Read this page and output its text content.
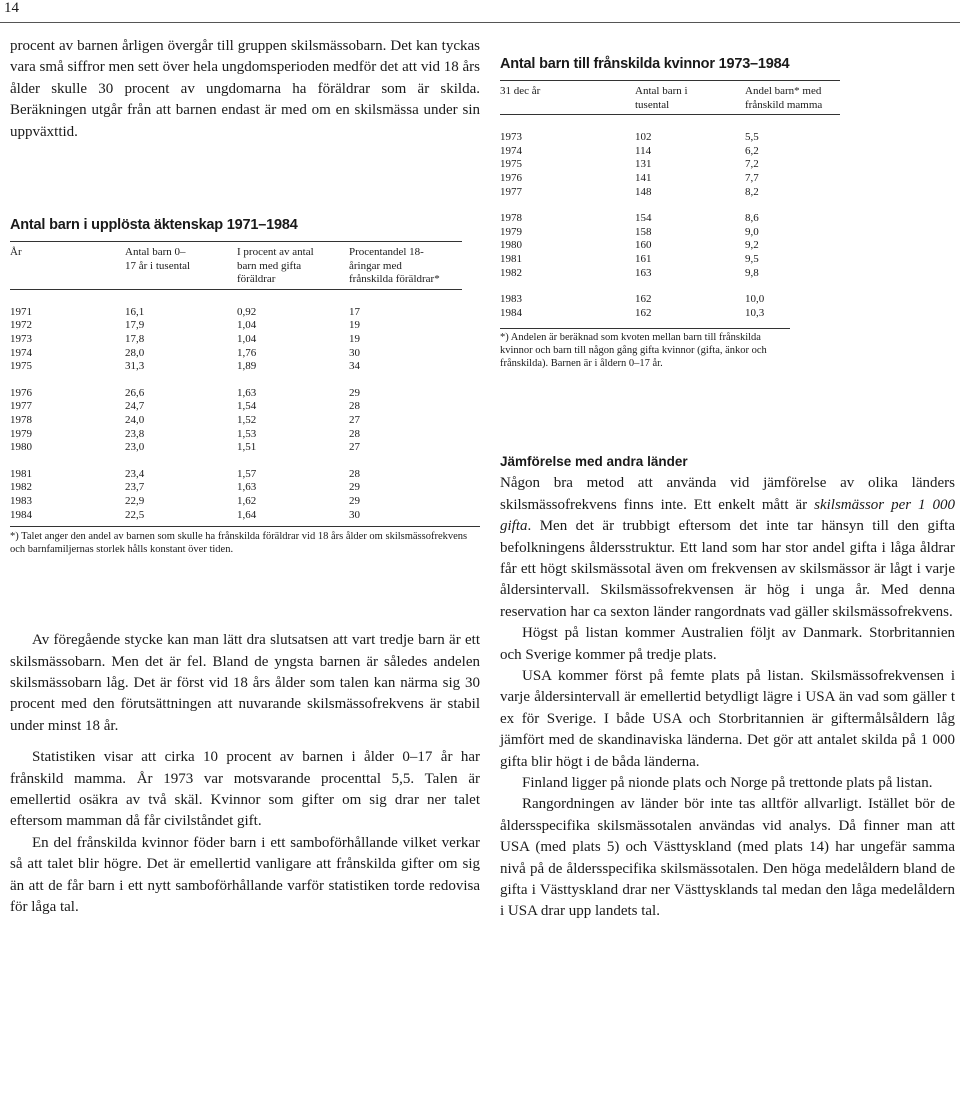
14

procent av barnen årligen övergår till gruppen skilsmässobarn. Det kan tyckas vara små siffror men sett över hela ungdomsperioden medför det att vid 18 års ålder skulle 30 procent av ungdomarna ha föräldrar som är skilda. Beräkningen utgår från att barnen endast är med om en skilsmässa under sin uppväxttid.

Antal barn i upplösta äktenskap 1971–1984
År	Antal barn 0–17 år i tusental	I procent av antal barn med gifta föräldrar	Procentandel 18-åringar med frånskilda föräldrar*

1971	16,1	0,92	17
1972	17,9	1,04	19
1973	17,8	1,04	19
1974	28,0	1,76	30
1975	31,3	1,89	34
1976	26,6	1,63	29
1977	24,7	1,54	28
1978	24,0	1,52	27
1979	23,8	1,53	28
1980	23,0	1,51	27
1981	23,4	1,57	28
1982	23,7	1,63	29
1983	22,9	1,62	29
1984	22,5	1,64	30
*) Talet anger den andel av barnen som skulle ha frånskilda föräldrar vid 18 års ålder om skilsmässofrekvens och barnfamiljernas storlek hålls konstant över tiden.

Av föregående stycke kan man lätt dra slutsatsen att vart tredje barn är ett skilsmässobarn. Men det är fel. Bland de yngsta barnen är således andelen skilsmässobarn låg. Det är först vid 18 års ålder som talen kan närma sig 30 procent med den förutsättningen att nuvarande skilsmässofrekvens är stabil under minst 18 år.

Statistiken visar att cirka 10 procent av barnen i ålder 0–17 år har frånskild mamma. År 1973 var motsvarande procenttal 5,5. Talen är emellertid osäkra av två skäl. Kvinnor som gifter om sig drar ner talet eftersom mamman då får civilståndet gift.

En del frånskilda kvinnor föder barn i ett samboförhållande vilket verkar så att talet blir högre. Det är emellertid vanligare att frånskilda gifter om sig än att de får barn i ett nytt samboförhållande varför statistiken torde redovisa för låga tal.

Antal barn till frånskilda kvinnor 1973–1984
31 dec år	Antal barn i tusental	Andel barn* med frånskild mamma

1973	102	5,5
1974	114	6,2
1975	131	7,2
1976	141	7,7
1977	148	8,2
1978	154	8,6
1979	158	9,0
1980	160	9,2
1981	161	9,5
1982	163	9,8
1983	162	10,0
1984	162	10,3
*) Andelen är beräknad som kvoten mellan barn till frånskilda kvinnor och barn till någon gång gifta kvinnor (gifta, änkor och frånskilda). Barnen är i åldern 0–17 år.
Jämförelse med andra länder

Någon bra metod att använda vid jämförelse av olika länders skilsmässofrekvens finns inte. Ett enkelt mått är skilsmässor per 1 000 gifta. Men det är trubbigt eftersom det inte tar hänsyn till den gifta befolkningens åldersstruktur. Ett land som har stor andel gifta i låga åldrar får ett högt skilsmässotal även om frekvensen av skilsmässor är lågt i varje åldersintervall. Skilsmässofrekvensen är hög i unga år. Med denna reservation har ca sexton länder rangordnats vad gäller skilsmässofrekvens.

Högst på listan kommer Australien följt av Danmark. Storbritannien och Sverige kommer på tredje plats.

USA kommer först på femte plats på listan. Skilsmässofrekvensen i varje åldersintervall är emellertid betydligt lägre i USA än vad som gäller t ex för Sverige. I både USA och Storbritannien är giftermålsåldern låg jämfört med de skandinaviska länderna. Det gör att antalet skilda på 1 000 gifta blir högt i de båda länderna.

Finland ligger på nionde plats och Norge på trettonde plats på listan.

Rangordningen av länder bör inte tas alltför allvarligt. Istället bör de åldersspecifika skilsmässotalen användas vid analys. Då finner man att USA (med plats 5) och Västtyskland (med plats 14) har ungefär samma nivå på de åldersspecifika skilsmässotalen. Den höga medelåldern bland de gifta i Västtyskland drar ner Västtysklands tal medan den låga medelåldern i USA drar upp landets tal.
